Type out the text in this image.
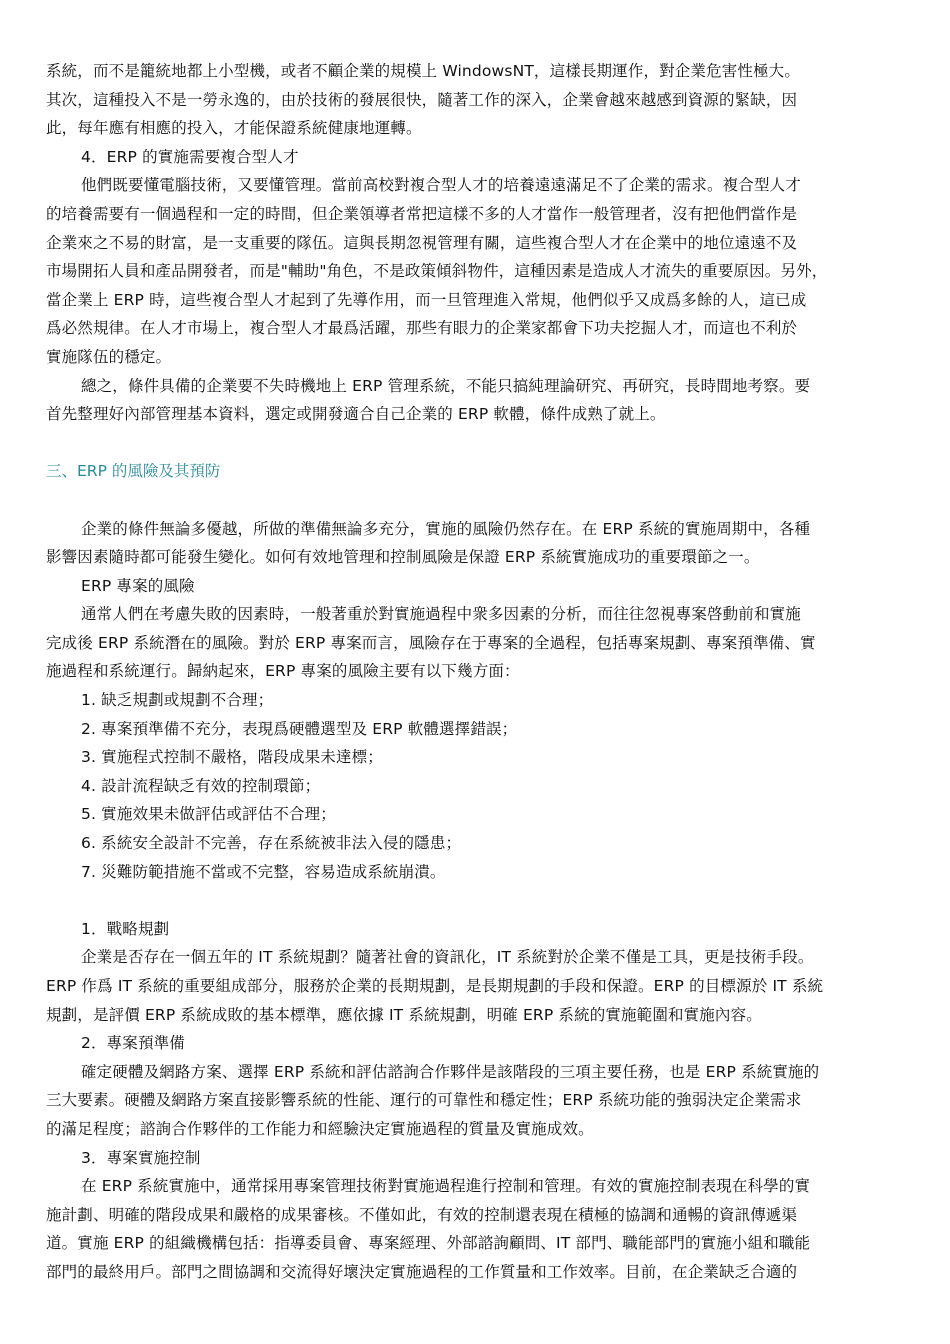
系統，而不是籠統地都上小型機，或者不顧企業的規模上 WindowsNT，這樣長期運作，對企業危害性極大。
其次，這種投入不是一勞永逸的，由於技術的發展很快，隨著工作的深入，企業會越來越感到資源的緊缺，因
此，每年應有相應的投入，才能保證系統健康地運轉。
4．ERP 的實施需要複合型人才
他們既要懂電腦技術，又要懂管理。當前高校對複合型人才的培養遠遠滿足不了企業的需求。複合型人才
的培養需要有一個過程和一定的時間，但企業領導者常把這樣不多的人才當作一般管理者，沒有把他們當作是
企業來之不易的財富，是一支重要的隊伍。這與長期忽視管理有關，這些複合型人才在企業中的地位遠遠不及
市場開拓人員和產品開發者，而是"輔助"角色，不是政策傾斜物件，這種因素是造成人才流失的重要原因。另外，
當企業上 ERP 時，這些複合型人才起到了先導作用，而一旦管理進入常規，他們似乎又成爲多餘的人，這已成
爲必然規律。在人才市場上，複合型人才最爲活躍，那些有眼力的企業家都會下功夫挖掘人才，而這也不利於
實施隊伍的穩定。
總之，條件具備的企業要不失時機地上 ERP 管理系統，不能只搞純理論研究、再研究，長時間地考察。要
首先整理好內部管理基本資料，選定或開發適合自己企業的 ERP 軟體，條件成熟了就上。
三、ERP 的風險及其預防
企業的條件無論多優越，所做的準備無論多充分，實施的風險仍然存在。在 ERP 系統的實施周期中，各種
影響因素隨時都可能發生變化。如何有效地管理和控制風險是保證 ERP 系統實施成功的重要環節之一。
ERP 專案的風險
通常人們在考慮失敗的因素時，一般著重於對實施過程中衆多因素的分析，而往往忽視專案啓動前和實施
完成後 ERP 系統潛在的風險。對於 ERP 專案而言，風險存在于專案的全過程，包括專案規劃、專案預準備、實
施過程和系統運行。歸納起來，ERP 專案的風險主要有以下幾方面：
1. 缺乏規劃或規劃不合理；
2. 專案預準備不充分，表現爲硬體選型及 ERP 軟體選擇錯誤；
3. 實施程式控制不嚴格，階段成果未達標；
4. 設計流程缺乏有效的控制環節；
5. 實施效果未做評估或評估不合理；
6. 系統安全設計不完善，存在系統被非法入侵的隱患；
7. 災難防範措施不當或不完整，容易造成系統崩潰。
1．戰略規劃
企業是否存在一個五年的 IT 系統規劃？隨著社會的資訊化，IT 系統對於企業不僅是工具，更是技術手段。
ERP 作爲 IT 系統的重要組成部分，服務於企業的長期規劃，是長期規劃的手段和保證。ERP 的目標源於 IT 系統
規劃，是評價 ERP 系統成敗的基本標準，應依據 IT 系統規劃，明確 ERP 系統的實施範圍和實施內容。
2．專案預準備
確定硬體及網路方案、選擇 ERP 系統和評估諮詢合作夥伴是該階段的三項主要任務，也是 ERP 系統實施的
三大要素。硬體及網路方案直接影響系統的性能、運行的可靠性和穩定性；ERP 系統功能的強弱決定企業需求
的滿足程度；諮詢合作夥伴的工作能力和經驗決定實施過程的質量及實施成效。
3．專案實施控制
在 ERP 系統實施中，通常採用專案管理技術對實施過程進行控制和管理。有效的實施控制表現在科學的實
施計劃、明確的階段成果和嚴格的成果審核。不僅如此，有效的控制還表現在積極的協調和通暢的資訊傳遞渠
道。實施 ERP 的組織機構包括：指導委員會、專案經理、外部諮詢顧問、IT 部門、職能部門的實施小組和職能
部門的最終用戶。部門之間協調和交流得好壞決定實施過程的工作質量和工作效率。目前，在企業缺乏合適的
